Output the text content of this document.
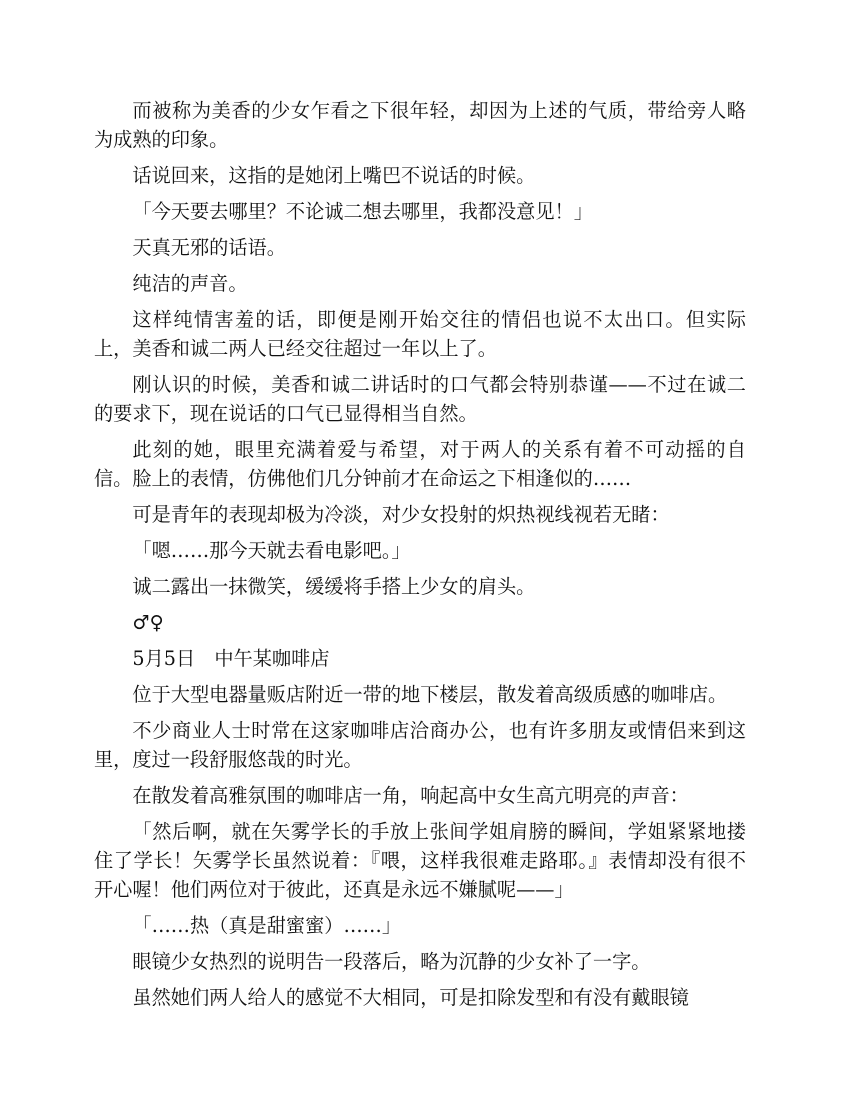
而被称为美香的少女乍看之下很年轻，却因为上述的气质，带给旁人略为成熟的印象。

话说回来，这指的是她闭上嘴巴不说话的时候。

「今天要去哪里？不论诚二想去哪里，我都没意见！」

天真无邪的话语。

纯洁的声音。

这样纯情害羞的话，即便是刚开始交往的情侣也说不太出口。但实际上，美香和诚二两人已经交往超过一年以上了。

刚认识的时候，美香和诚二讲话时的口气都会特别恭谨——不过在诚二的要求下，现在说话的口气已显得相当自然。

此刻的她，眼里充满着爱与希望，对于两人的关系有着不可动摇的自信。脸上的表情，仿佛他们几分钟前才在命运之下相逢似的……

可是青年的表现却极为冷淡，对少女投射的炽热视线视若无睹：

「嗯……那今天就去看电影吧。」

诚二露出一抹微笑，缓缓将手搭上少女的肩头。

♂♀

5月5日　中午某咖啡店

位于大型电器量贩店附近一带的地下楼层，散发着高级质感的咖啡店。

不少商业人士时常在这家咖啡店洽商办公，也有许多朋友或情侣来到这里，度过一段舒服悠哉的时光。

在散发着高雅氛围的咖啡店一角，响起高中女生高亢明亮的声音：

「然后啊，就在矢雾学长的手放上张间学姐肩膀的瞬间，学姐紧紧地搂住了学长！矢雾学长虽然说着：『喂，这样我很难走路耶。』表情却没有很不开心喔！他们两位对于彼此，还真是永远不嫌腻呢——」

「……热（真是甜蜜蜜）……」

眼镜少女热烈的说明告一段落后，略为沉静的少女补了一字。

虽然她们两人给人的感觉不大相同，可是扣除发型和有没有戴眼镜
